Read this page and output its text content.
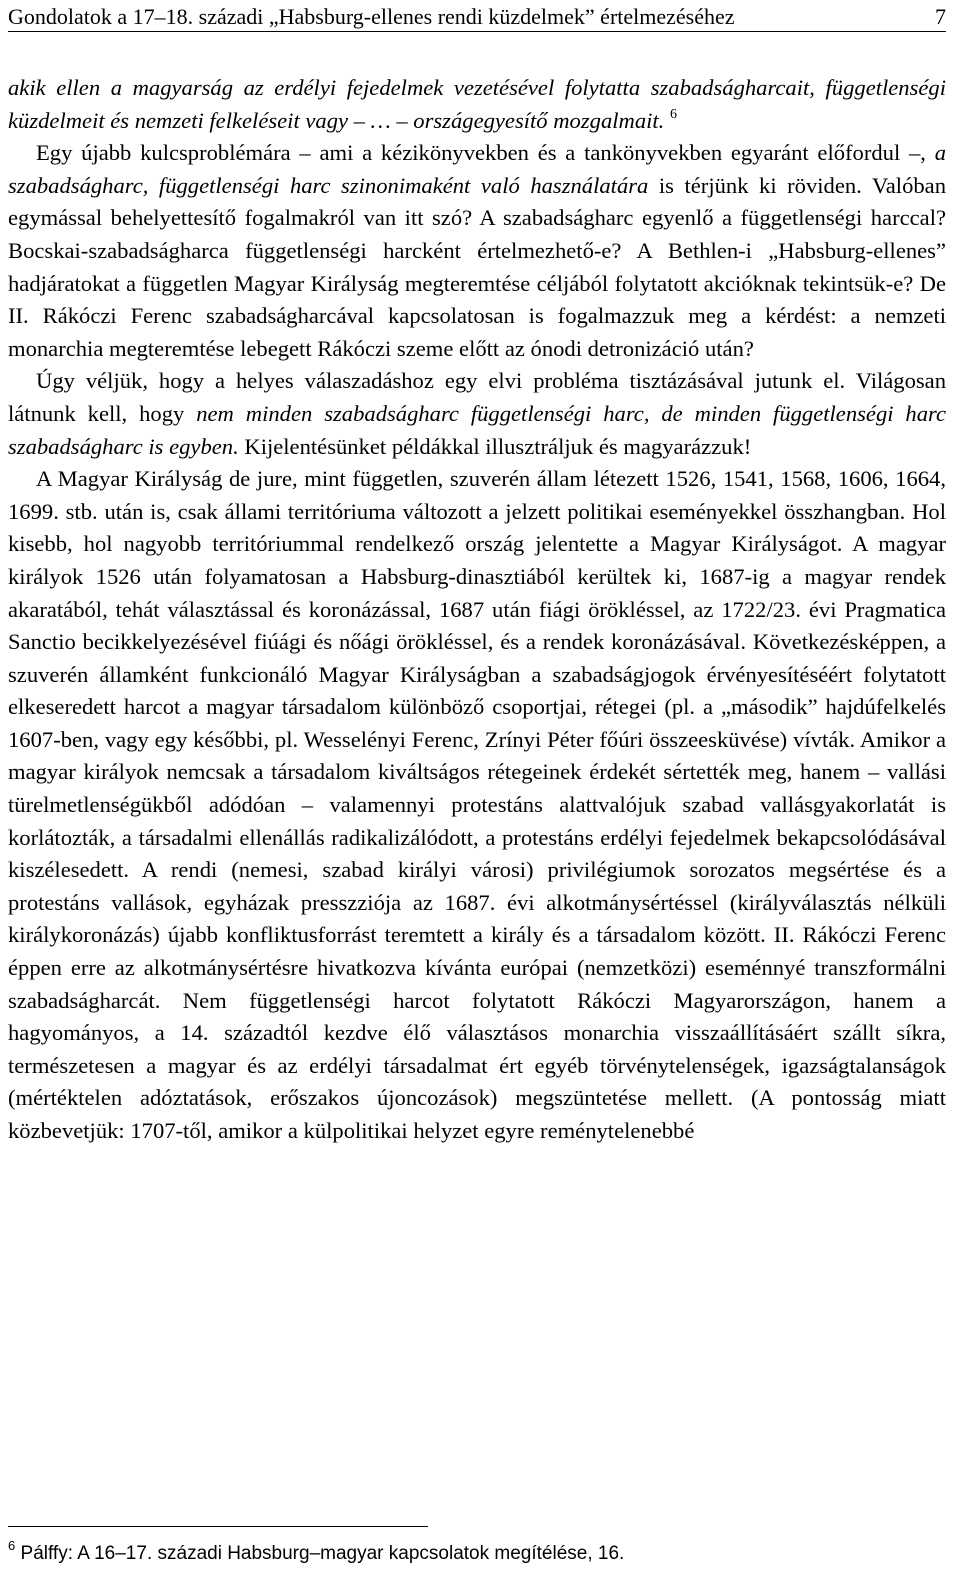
Gondolatok a 17–18. századi „Habsburg-ellenes rendi küzdelmek” értelmezéséhez	7

akik ellen a magyarság az erdélyi fejedelmek vezetésével folytatta szabadságharcait, függetlenségi küzdelmeit és nemzeti felkeléseit vagy – … – országegyesítő mozgalmait. $^6$

Egy újabb kulcsproblémára – ami a kézikönyvekben és a tankönyvekben egyaránt előfordul –, a szabadságharc, függetlenségi harc szinonimaként való használatára is térjünk ki röviden. Valóban egymással behelyettesítő fogalmakról van itt szó? A szabadságharc egyenlő a függetlenségi harccal? Bocskai-szabadságharca függetlenségi harcként értelmezhető-e? A Bethlen-i „Habsburg-ellenes” hadjáratokat a független Magyar Királyság megteremtése céljából folytatott akcióknak tekintsük-e? De II. Rákóczi Ferenc szabadságharcával kapcsolatosan is fogalmazzuk meg a kérdést: a nemzeti monarchia megteremtése lebegett Rákóczi szeme előtt az ónodi detronizáció után?

Úgy véljük, hogy a helyes válaszadáshoz egy elvi probléma tisztázásával jutunk el. Világosan látnunk kell, hogy nem minden szabadságharc függetlenségi harc, de minden függetlenségi harc szabadságharc is egyben. Kijelentésünket példákkal illusztráljuk és magyarázzuk!

A Magyar Királyság de jure, mint független, szuverén állam létezett 1526, 1541, 1568, 1606, 1664, 1699. stb. után is, csak állami territóriuma változott a jelzett politikai eseményekkel összhangban. Hol kisebb, hol nagyobb territóriummal rendelkező ország jelentette a Magyar Királyságot. A magyar királyok 1526 után folyamatosan a Habsburg-dinasztiából kerültek ki, 1687-ig a magyar rendek akaratából, tehát választással és koronázással, 1687 után fiági örökléssel, az 1722/23. évi Pragmatica Sanctio becikkelyezésével fiúági és nőági örökléssel, és a rendek koronázásával. Következésképpen, a szuverén államként funkcionáló Magyar Királyságban a szabadságjogok érvényesítéséért folytatott elkeseredett harcot a magyar társadalom különböző csoportjai, rétegei (pl. a „második” hajdúfelkelés 1607-ben, vagy egy későbbi, pl. Wesselényi Ferenc, Zrínyi Péter főúri összeesküvése) vívták. Amikor a magyar királyok nemcsak a társadalom kiváltságos rétegeinek érdekét sértették meg, hanem – vallási türelmetlenségükből adódóan – valamennyi protestáns alattvalójuk szabad vallásgyakorlatát is korlátozták, a társadalmi ellenállás radikalizálódott, a protestáns erdélyi fejedelmek bekapcsolódásával kiszélesedett. A rendi (nemesi, szabad királyi városi) privilégiumok sorozatos megsértése és a protestáns vallások, egyházak presszziója az 1687. évi alkotmánysértéssel (királyválasztás nélküli királykoronázás) újabb konfliktusforrást teremtett a király és a társadalom között. II. Rákóczi Ferenc éppen erre az alkotmánysértésre hivatkozva kívánta európai (nemzetközi) eseménnyé transzformálni szabadságharcát. Nem függetlenségi harcot folytatott Rákóczi Magyarországon, hanem a hagyományos, a 14. századtól kezdve élő választásos monarchia visszaállításáért szállt síkra, természetesen a magyar és az erdélyi társadalmat ért egyéb törvénytelenségek, igazságtalanságok (mértéktelen adóztatások, erőszakos újoncozások) megszüntetése mellett. (A pontosság miatt közbevetjük: 1707-től, amikor a külpolitikai helyzet egyre reménytelenebbé

$^6$ Pálffy: A 16–17. századi Habsburg–magyar kapcsolatok megítélése, 16.
